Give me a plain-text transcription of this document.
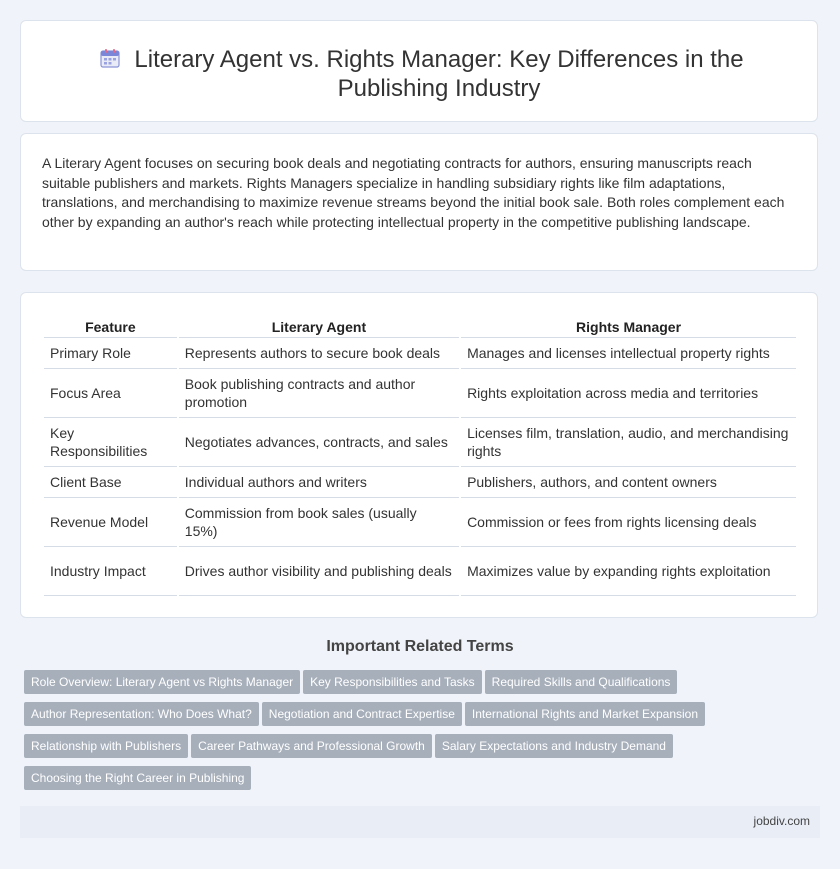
Literary Agent vs. Rights Manager: Key Differences in the Publishing Industry

A Literary Agent focuses on securing book deals and negotiating contracts for authors, ensuring manuscripts reach suitable publishers and markets. Rights Managers specialize in handling subsidiary rights like film adaptations, translations, and merchandising to maximize revenue streams beyond the initial book sale. Both roles complement each other by expanding an author's reach while protecting intellectual property in the competitive publishing landscape.

Feature	Literary Agent	Rights Manager
Primary Role	Represents authors to secure book deals	Manages and licenses intellectual property rights
Focus Area	Book publishing contracts and author promotion	Rights exploitation across media and territories
Key Responsibilities	Negotiates advances, contracts, and sales	Licenses film, translation, audio, and merchandising rights
Client Base	Individual authors and writers	Publishers, authors, and content owners
Revenue Model	Commission from book sales (usually 15%)	Commission or fees from rights licensing deals
Industry Impact	Drives author visibility and publishing deals	Maximizes value by expanding rights exploitation
Important Related Terms
Role Overview: Literary Agent vs Rights Manager Key Responsibilities and Tasks Required Skills and Qualifications
Author Representation: Who Does What? Negotiation and Contract Expertise International Rights and Market Expansion
Relationship with Publishers Career Pathways and Professional Growth Salary Expectations and Industry Demand
Choosing the Right Career in Publishing
jobdiv.com
